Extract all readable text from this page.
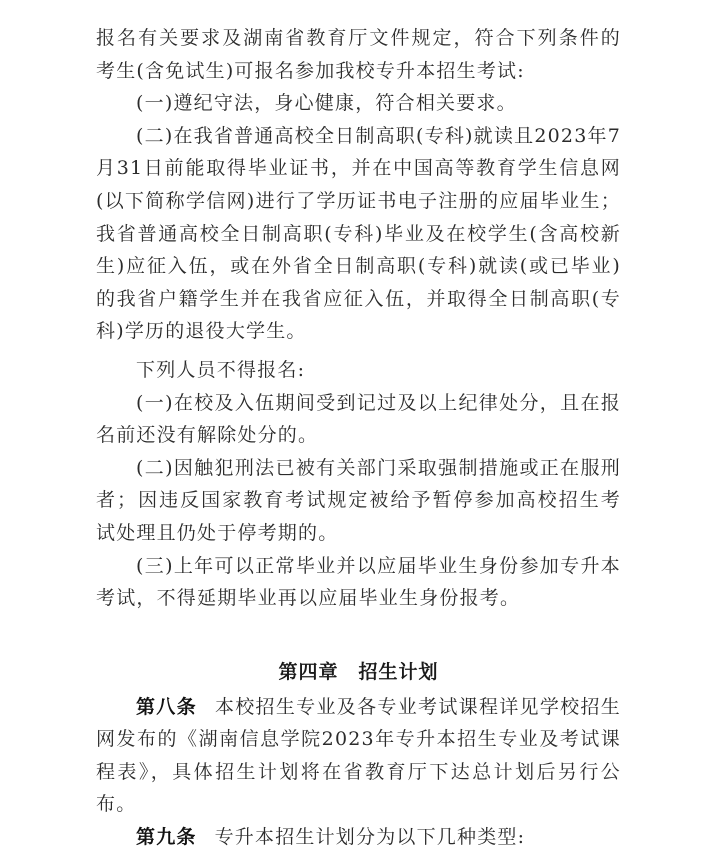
报名有关要求及湖南省教育厅文件规定，符合下列条件的考生(含免试生)可报名参加我校专升本招生考试:

(一)遵纪守法，身心健康，符合相关要求。

(二)在我省普通高校全日制高职(专科)就读且2023年7月31日前能取得毕业证书，并在中国高等教育学生信息网(以下简称学信网)进行了学历证书电子注册的应届毕业生；我省普通高校全日制高职(专科)毕业及在校学生(含高校新生)应征入伍，或在外省全日制高职(专科)就读(或已毕业)的我省户籍学生并在我省应征入伍，并取得全日制高职(专科)学历的退役大学生。

下列人员不得报名:

(一)在校及入伍期间受到记过及以上纪律处分，且在报名前还没有解除处分的。

(二)因触犯刑法已被有关部门采取强制措施或正在服刑者；因违反国家教育考试规定被给予暂停参加高校招生考试处理且仍处于停考期的。

(三)上年可以正常毕业并以应届毕业生身份参加专升本考试，不得延期毕业再以应届毕业生身份报考。

第四章　招生计划

第八条 本校招生专业及各专业考试课程详见学校招生网发布的《湖南信息学院2023年专升本招生专业及考试课程表》，具体招生计划将在省教育厅下达总计划后另行公布。

第九条 专升本招生计划分为以下几种类型:
